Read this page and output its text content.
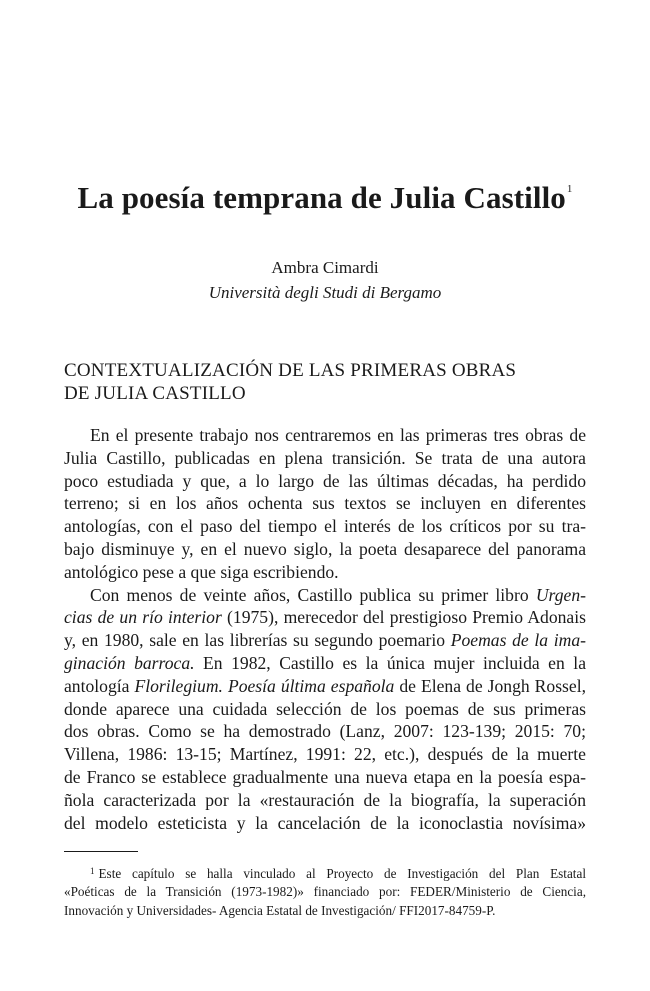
La poesía temprana de Julia Castillo$^1$
Ambra Cimardi
Università degli Studi di Bergamo
CONTEXTUALIZACIÓN DE LAS PRIMERAS OBRAS
DE JULIA CASTILLO
En el presente trabajo nos centraremos en las primeras tres obras de
Julia Castillo, publicadas en plena transición. Se trata de una autora
poco estudiada y que, a lo largo de las últimas décadas, ha perdido
terreno; si en los años ochenta sus textos se incluyen en diferentes
antologías, con el paso del tiempo el interés de los críticos por su tra-
bajo disminuye y, en el nuevo siglo, la poeta desaparece del panorama
antológico pese a que siga escribiendo.
Con menos de veinte años, Castillo publica su primer libro Urgen-
cias de un río interior (1975), merecedor del prestigioso Premio Adonais
y, en 1980, sale en las librerías su segundo poemario Poemas de la ima-
ginación barroca. En 1982, Castillo es la única mujer incluida en la
antología Florilegium. Poesía última española de Elena de Jongh Rossel,
donde aparece una cuidada selección de los poemas de sus primeras
dos obras. Como se ha demostrado (Lanz, 2007: 123-139; 2015: 70;
Villena, 1986: 13-15; Martínez, 1991: 22, etc.), después de la muerte
de Franco se establece gradualmente una nueva etapa en la poesía espa-
ñola caracterizada por la «restauración de la biografía, la superación
del modelo esteticista y la cancelación de la iconoclastia novísima»
$^1$ Este capítulo se halla vinculado al Proyecto de Investigación del Plan Estatal
«Poéticas de la Transición (1973-1982)» financiado por: FEDER/Ministerio de Ciencia,
Innovación y Universidades- Agencia Estatal de Investigación/ FFI2017-84759-P.
